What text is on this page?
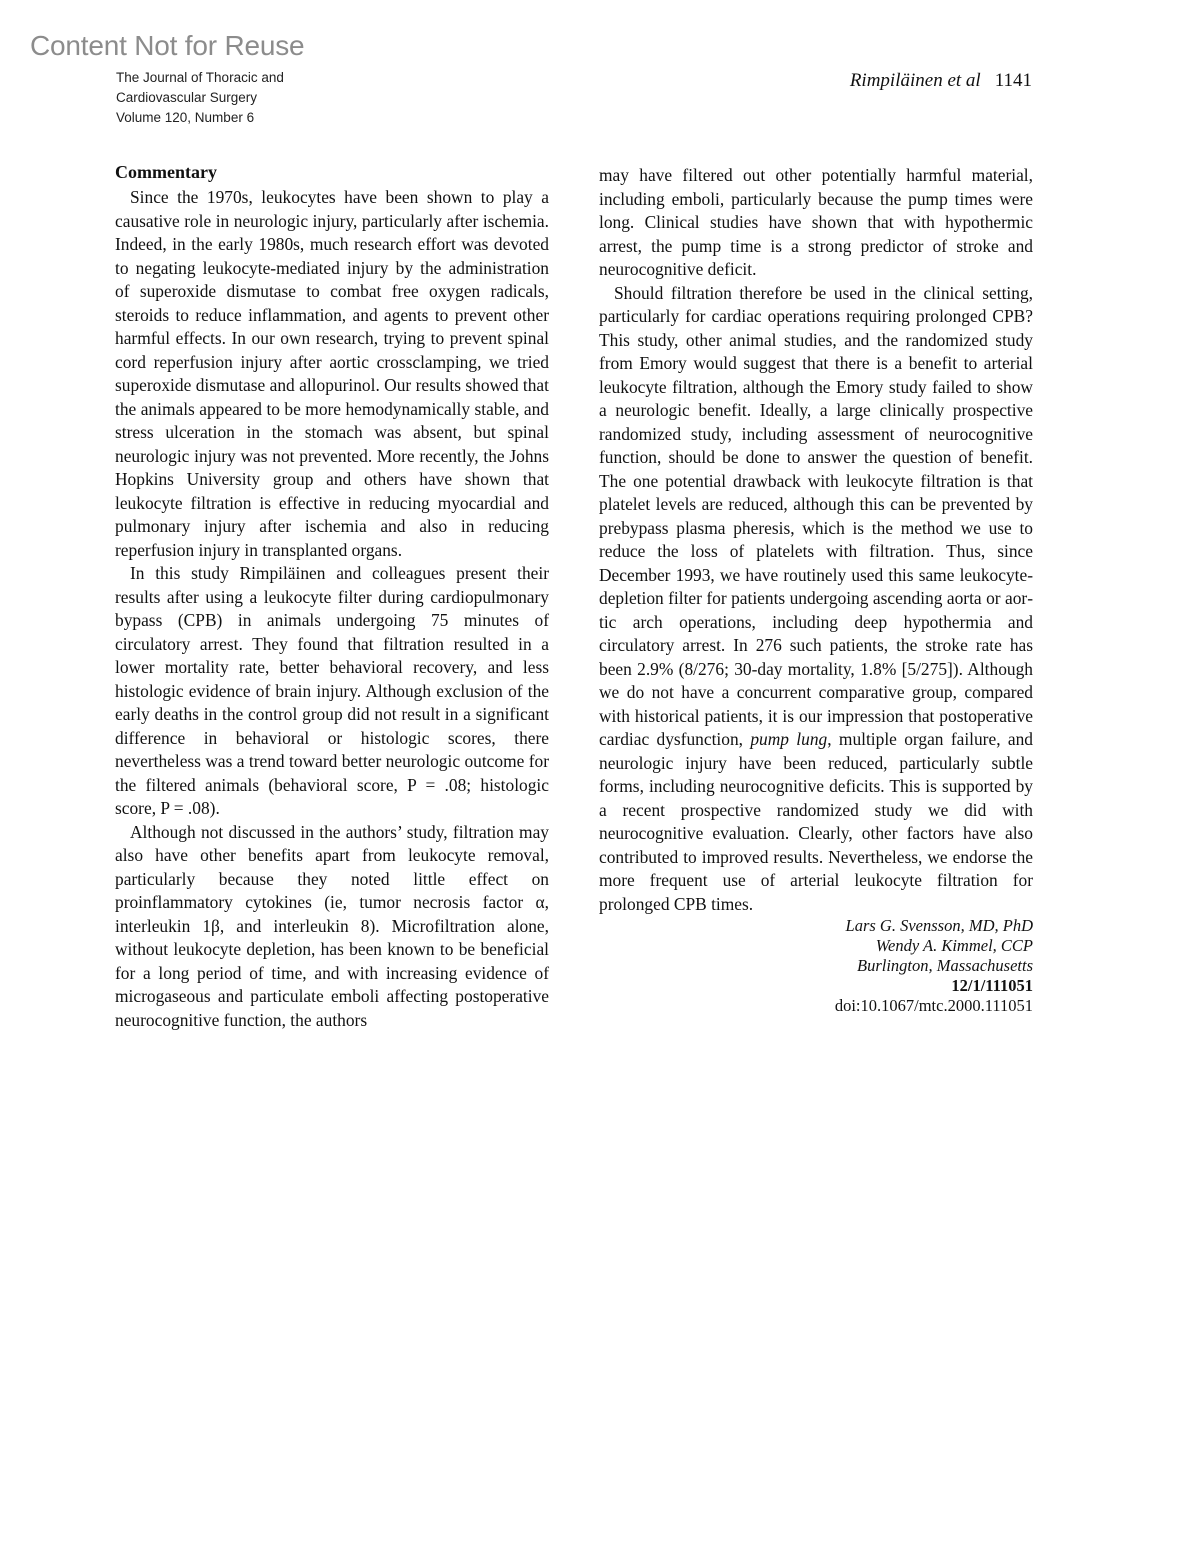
Content Not for Reuse
The Journal of Thoracic and
Cardiovascular Surgery
Volume 120, Number 6
Rimpiläinen et al 1141
Commentary

Since the 1970s, leukocytes have been shown to play a causative role in neurologic injury, particularly after ischemia. Indeed, in the early 1980s, much research effort was devoted to negating leukocyte-mediated injury by the administration of superoxide dismutase to combat free oxygen radicals, steroids to reduce inflammation, and agents to prevent other harmful effects. In our own research, trying to prevent spinal cord reperfusion injury after aortic crossclamping, we tried superoxide dismutase and allopurinol. Our results showed that the animals appeared to be more hemodynamically stable, and stress ulceration in the stomach was absent, but spinal neurologic injury was not prevented. More recently, the Johns Hopkins University group and others have shown that leukocyte filtration is effective in reducing myocardial and pulmonary injury after ischemia and also in reducing reperfusion injury in transplanted organs.

In this study Rimpiläinen and colleagues present their results after using a leukocyte filter during cardiopulmonary bypass (CPB) in animals undergoing 75 minutes of circulatory arrest. They found that filtration resulted in a lower mortality rate, better behavioral recovery, and less histologic evidence of brain injury. Although exclusion of the early deaths in the control group did not result in a significant difference in behavioral or histologic scores, there nevertheless was a trend toward better neurologic outcome for the filtered animals (behavioral score, P = .08; histologic score, P = .08).

Although not discussed in the authors’ study, filtration may also have other benefits apart from leukocyte removal, particularly because they noted little effect on proinflammatory cytokines (ie, tumor necrosis factor α, interleukin 1β, and interleukin 8). Microfiltration alone, without leukocyte depletion, has been known to be beneficial for a long period of time, and with increasing evidence of microgaseous and particulate emboli affecting postoperative neurocognitive function, the authors

may have filtered out other potentially harmful material, including emboli, particularly because the pump times were long. Clinical studies have shown that with hypothermic arrest, the pump time is a strong predictor of stroke and neurocognitive deficit.

Should filtration therefore be used in the clinical setting, particularly for cardiac operations requiring prolonged CPB? This study, other animal studies, and the randomized study from Emory would suggest that there is a benefit to arterial leukocyte filtration, although the Emory study failed to show a neurologic benefit. Ideally, a large clinically prospective randomized study, including assessment of neurocognitive function, should be done to answer the question of benefit. The one potential drawback with leukocyte filtration is that platelet levels are reduced, although this can be prevented by prebypass plasma pheresis, which is the method we use to reduce the loss of platelets with filtration. Thus, since December 1993, we have routinely used this same leukocyte-depletion filter for patients undergoing ascending aorta or aortic arch operations, including deep hypothermia and circulatory arrest. In 276 such patients, the stroke rate has been 2.9% (8/276; 30-day mortality, 1.8% [5/275]). Although we do not have a concurrent comparative group, compared with historical patients, it is our impression that postoperative cardiac dysfunction, pump lung, multiple organ failure, and neurologic injury have been reduced, particularly subtle forms, including neurocognitive deficits. This is supported by a recent prospective randomized study we did with neurocognitive evaluation. Clearly, other factors have also contributed to improved results. Nevertheless, we endorse the more frequent use of arterial leukocyte filtration for prolonged CPB times.

Lars G. Svensson, MD, PhD
Wendy A. Kimmel, CCP
Burlington, Massachusetts
12/1/111051
doi:10.1067/mtc.2000.111051
